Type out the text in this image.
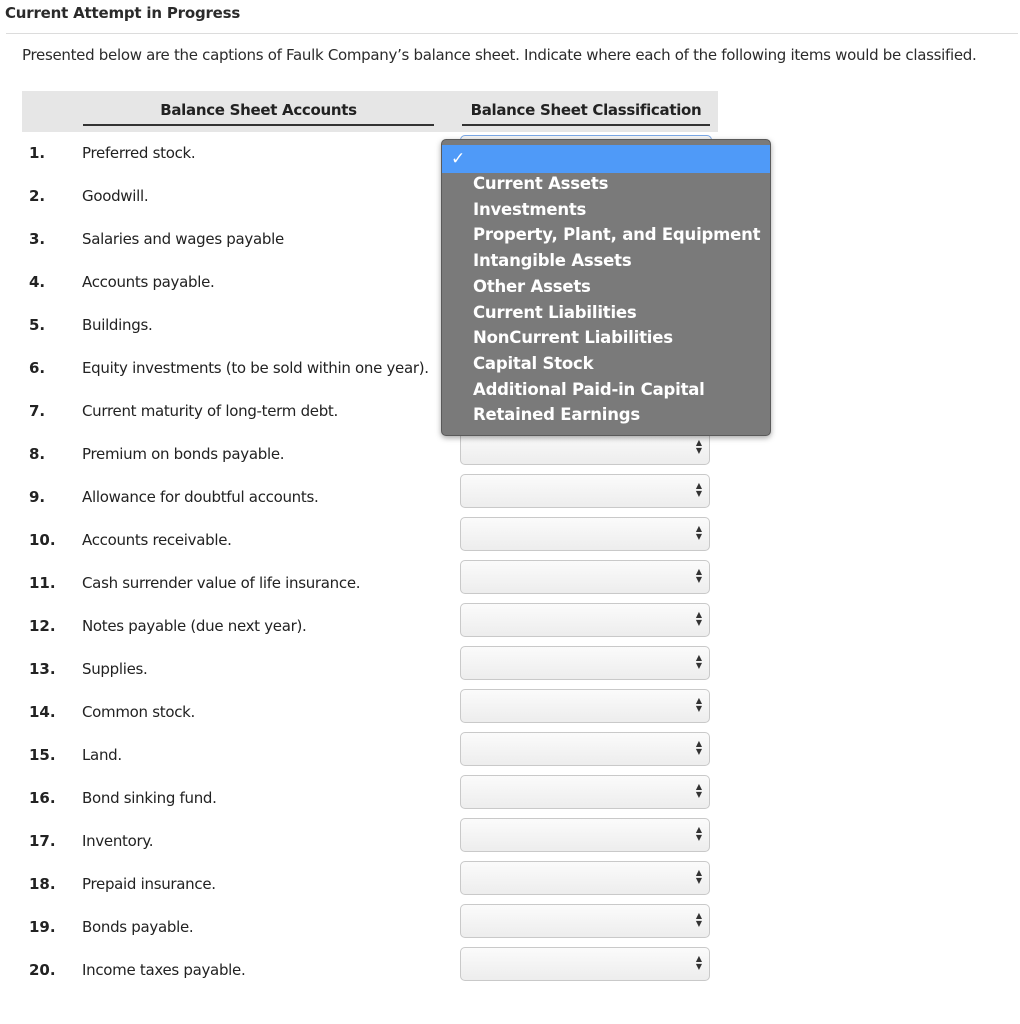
Current Attempt in Progress
Presented below are the captions of Faulk Company’s balance sheet. Indicate where each of the following items would be classified.
Balance Sheet Accounts	Balance Sheet Classification
1. Preferred stock.
2. Goodwill.
3. Salaries and wages payable
4. Accounts payable.
5. Buildings.
6. Equity investments (to be sold within one year).
7. Current maturity of long-term debt.
8. Premium on bonds payable.
▲
▼
9. Allowance for doubtful accounts.
▲
▼
10. Accounts receivable.
▲
▼
11. Cash surrender value of life insurance.
▲
▼
12. Notes payable (due next year).
▲
▼
13. Supplies.
▲
▼
14. Common stock.
▲
▼
15. Land.
▲
▼
16. Bond sinking fund.
▲
▼
17. Inventory.
▲
▼
18. Prepaid insurance.
▲
▼
19. Bonds payable.
▲
▼
20. Income taxes payable.
▲
▼
✓
Current Assets
Investments
Property, Plant, and Equipment
Intangible Assets
Other Assets
Current Liabilities
NonCurrent Liabilities
Capital Stock
Additional Paid-in Capital
Retained Earnings
